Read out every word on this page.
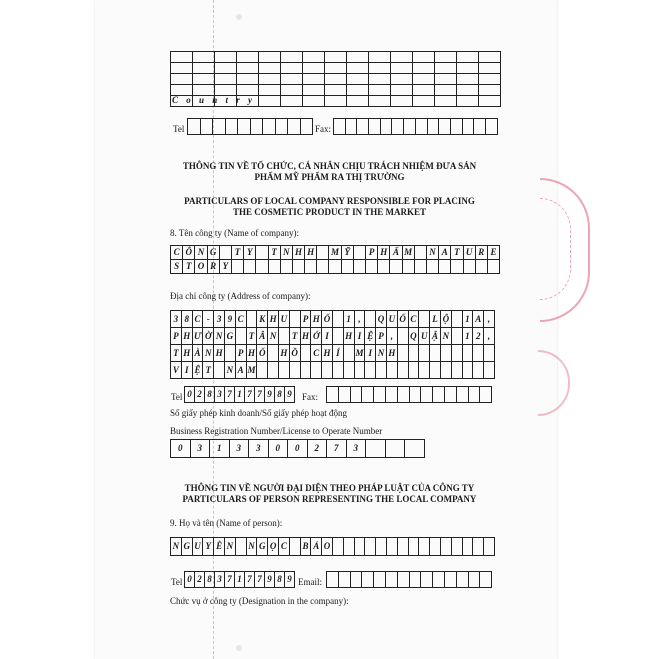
C o u n t r y
Tel	Fax:
THÔNG TIN VỀ TỔ CHỨC, CÁ NHÂN CHỊU TRÁCH NHIỆM ĐƯA SẢN
PHẨM MỸ PHẨM RA THỊ TRƯỜNG
PARTICULARS OF LOCAL COMPANY RESPONSIBLE FOR PLACING
THE COSMETIC PRODUCT IN THE MARKET
8. Tên công ty (Name of company):
C Ô N G	T Y	T N H H	M Ỹ	P H Ẩ M N A T U R E
S T O R Y
Địa chỉ công ty (Address of company):
3 8 C - 3 9 C	K H U P H Ố 1 ,	Q U Ố C	L Ộ 1 A ,
P H Ư Ờ N G T Â N T H Ớ I	H I Ệ P ,	Q U Ậ N 1 2 ,
T H À N H P H Ố H Ồ C H Í	M I N H
V I Ệ T	N A M
Tel 0 2 8 3 7 1 7 7 9 8 9	Fax:
Số giấy phép kinh doanh/Số giấy phép hoạt động
Business Registration Number/License to Operate Number
0	3	1	3	3	0	0	2	7	3
THÔNG TIN VỀ NGƯỜI ĐẠI DIỆN THEO PHÁP LUẬT CỦA CÔNG TY
PARTICULARS OF PERSON REPRESENTING THE LOCAL COMPANY
9. Họ và tên (Name of person):
N G U Y Ễ N N G Ọ C	B Ả O
Tel 0 2 8 3 7 1 7 7 9 8 9 Email:
Chức vụ ở công ty (Designation in the company):
